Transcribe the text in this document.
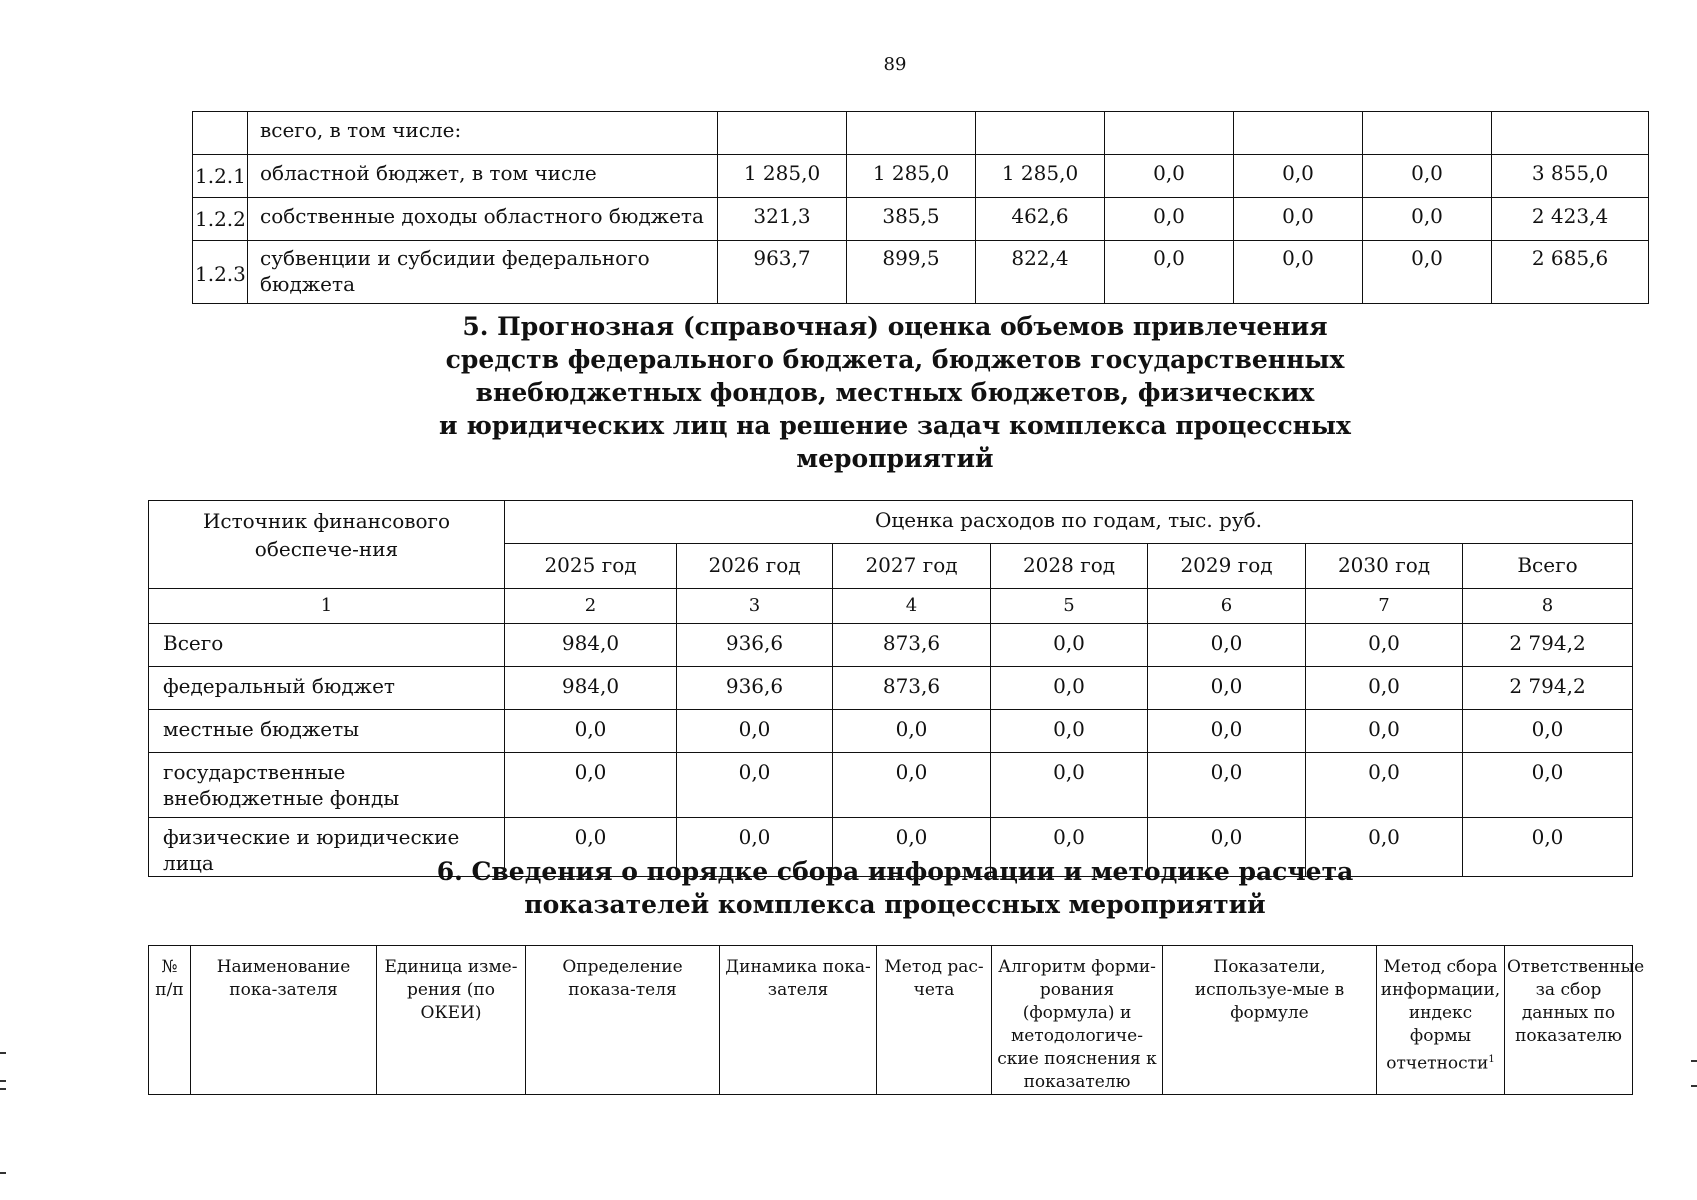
89
	всего, в том числе:							
1.2.1	областной бюджет, в том числе	1 285,0	1 285,0	1 285,0	0,0	0,0	0,0	3 855,0
1.2.2	собственные доходы областного бюджета	321,3	385,5	462,6	0,0	0,0	0,0	2 423,4
1.2.3	субвенции и субсидии федерального бюджета	963,7	899,5	822,4	0,0	0,0	0,0	2 685,6
5. Прогнозная (справочная) оценка объемов привлечения
средств федерального бюджета, бюджетов государственных
внебюджетных фондов, местных бюджетов, физических
и юридических лиц на решение задач комплекса процессных
мероприятий
Источник финансового обеспече-ния	Оценка расходов по годам, тыс. руб.						
	2025 год	2026 год	2027 год	2028 год	2029 год	2030 год	Всего
1	2	3	4	5	6	7	8
Всего	984,0	936,6	873,6	0,0	0,0	0,0	2 794,2
федеральный бюджет	984,0	936,6	873,6	0,0	0,0	0,0	2 794,2
местные бюджеты	0,0	0,0	0,0	0,0	0,0	0,0	0,0
государственные внебюджетные фонды	0,0	0,0	0,0	0,0	0,0	0,0	0,0
физические и юридические лица	0,0	0,0	0,0	0,0	0,0	0,0	0,0
6. Сведения о порядке сбора информации и методике расчета
показателей комплекса процессных мероприятий
№ п/п	Наименование пока-зателя	Единица изме-рения (по ОКЕИ)	Определение показа-теля	Динамика пока-зателя	Метод рас-чета	Алгоритм форми-рования (формула) и методологиче-ские пояснения к показателю	Показатели, используе-мые в формуле	Метод сбора информации, индекс формы отчетности$^1$	Ответственные за сбор данных по показателю
